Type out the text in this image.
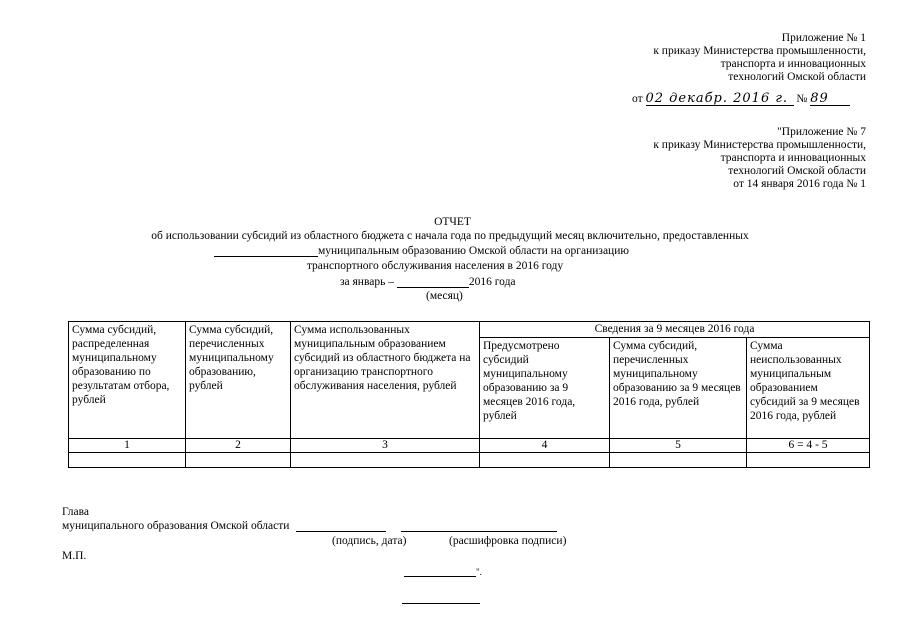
Приложение № 1
к приказу Министерства промышленности,
транспорта и инновационных
технологий Омской области
от 02 декабр. 2016 г. № 89
"Приложение № 7
к приказу Министерства промышленности,
транспорта и инновационных
технологий Омской области
от 14 января 2016 года № 1
ОТЧЕТ
об использовании субсидий из областного бюджета с начала года по предыдущий месяц включительно, предоставленных
муниципальным образованию Омской области на организацию
транспортного обслуживания населения в 2016 году
за январь –	2016 года
(месяц)
Сумма субсидий, распределенная муниципальному образованию по результатам отбора, рублей	Сумма субсидий, перечисленных муниципальному образованию, рублей	Сумма использованных муниципальным образованием субсидий из областного бюджета на организацию транспортного обслуживания населения, рублей	Сведения за 9 месяцев 2016 года		
			Предусмотрено субсидий муниципальному образованию за 9 месяцев 2016 года, рублей	Сумма субсидий, перечисленных муниципальному образованию за 9 месяцев 2016 года, рублей	Сумма неиспользованных муниципальным образованием субсидий за 9 месяцев 2016 года, рублей
1	2	3	4	5	6 = 4 - 5

Глава
муниципального образования Омской области
(подпись, дата)	(расшифровка подписи)
М.П.
".
